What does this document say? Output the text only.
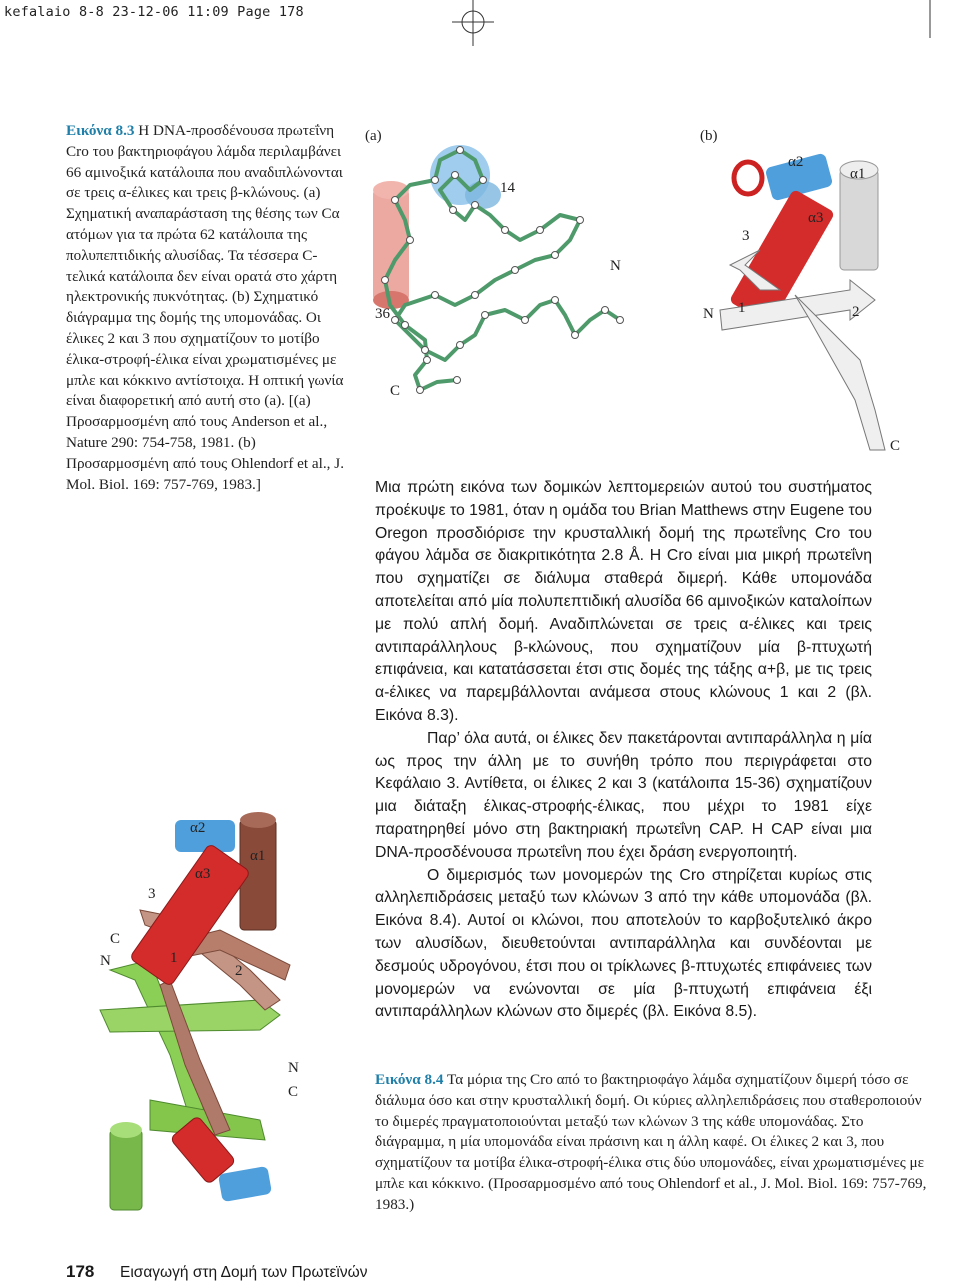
kefalaio 8-8 23-12-06 11:09 Page 178
Εικόνα 8.3 Η DNA-προσδένουσα πρωτεΐνη Cro του βακτηριοφάγου λάμδα περιλαμβάνει 66 αμινοξικά κατάλοιπα που αναδιπλώνονται σε τρεις α-έλικες και τρεις β-κλώνους. (a) Σχηματική αναπαράσταση της θέσης των Cα ατόμων για τα πρώτα 62 κατάλοιπα της πολυπεπτιδικής αλυσίδας. Τα τέσσερα C-τελικά κατάλοιπα δεν είναι ορατά στο χάρτη ηλεκτρονικής πυκνότητας. (b) Σχηματικό διάγραμμα της δομής της υπομονάδας. Οι έλικες 2 και 3 που σχηματίζουν το μοτίβο έλικα-στροφή-έλικα είναι χρωματισμένες με μπλε και κόκκινο αντίστοιχα. Η οπτική γωνία είναι διαφορετική από αυτή στο (a). [(a) Προσαρμοσμένη από τους Anderson et al., Nature 290: 754-758, 1981. (b) Προσαρμοσμένη από τους Ohlendorf et al., J. Mol. Biol. 169: 757-769, 1983.]
(a)
14
N
36
C
(b)
α2
α1
α3
3
N 1	2
C

Μια πρώτη εικόνα των δομικών λεπτομερειών αυτού του συστήματος προέκυψε το 1981, όταν η ομάδα του Brian Matthews στην Eugene του Oregon προσδιόρισε την κρυσταλλική δομή της πρωτεΐνης Cro του φάγου λάμδα σε διακριτικότητα 2.8 Å. Η Cro είναι μια μικρή πρωτεΐνη που σχηματίζει σε διάλυμα σταθερά διμερή. Κάθε υπομονάδα αποτελείται από μία πολυπεπτιδική αλυσίδα 66 αμινοξικών καταλοίπων με πολύ απλή δομή. Αναδιπλώνεται σε τρεις α-έλικες και τρεις αντιπαράλληλους β-κλώνους, που σχηματίζουν μία β-πτυχωτή επιφάνεια, και κατατάσσεται έτσι στις δομές της τάξης α+β, με τις τρεις α-έλικες να παρεμβάλλονται ανάμεσα στους κλώνους 1 και 2 (βλ. Εικόνα 8.3).

Παρ’ όλα αυτά, οι έλικες δεν πακετάρονται αντιπαράλληλα η μία ως προς την άλλη με το συνήθη τρόπο που περιγράφεται στο Κεφάλαιο 3. Αντίθετα, οι έλικες 2 και 3 (κατάλοιπα 15-36) σχηματίζουν μια διάταξη έλικας-στροφής-έλικας, που μέχρι το 1981 είχε παρατηρηθεί μόνο στη βακτηριακή πρωτεΐνη CAP. Η CAP είναι μια DNA-προσδένουσα πρωτεΐνη που έχει δράση ενεργοποιητή.

Ο διμερισμός των μονομερών της Cro στηρίζεται κυρίως στις αλληλεπιδράσεις μεταξύ των κλώνων 3 από την κάθε υπομονάδα (βλ. Εικόνα 8.4). Αυτοί οι κλώνοι, που αποτελούν το καρβοξυτελικό άκρο των αλυσίδων, διευθετούνται αντιπαράλληλα και συνδέονται με δεσμούς υδρογόνου, έτσι που οι τρίκλωνες β-πτυχωτές επιφάνειες των μονομερών να ενώνονται σε μία β-πτυχωτή επιφάνεια έξι αντιπαράλληλων κλώνων στο διμερές (βλ. Εικόνα 8.5).

α2
α3
α1
3
C
N	1
2
N
C
Εικόνα 8.4 Τα μόρια της Cro από το βακτηριοφάγο λάμδα σχηματίζουν διμερή τόσο σε διάλυμα όσο και στην κρυσταλλική δομή. Οι κύριες αλληλεπιδράσεις που σταθεροποιούν το διμερές πραγματοποιούνται μεταξύ των κλώνων 3 της κάθε υπομονάδας. Στο διάγραμμα, η μία υπομονάδα είναι πράσινη και η άλλη καφέ. Οι έλικες 2 και 3, που σχηματίζουν τα μοτίβα έλικα-στροφή-έλικα στις δύο υπομονάδες, είναι χρωματισμένες με μπλε και κόκκινο. (Προσαρμοσμένο από τους Ohlendorf et al., J. Mol. Biol. 169: 757-769, 1983.)
178 Εισαγωγή στη Δομή των Πρωτεϊνών
